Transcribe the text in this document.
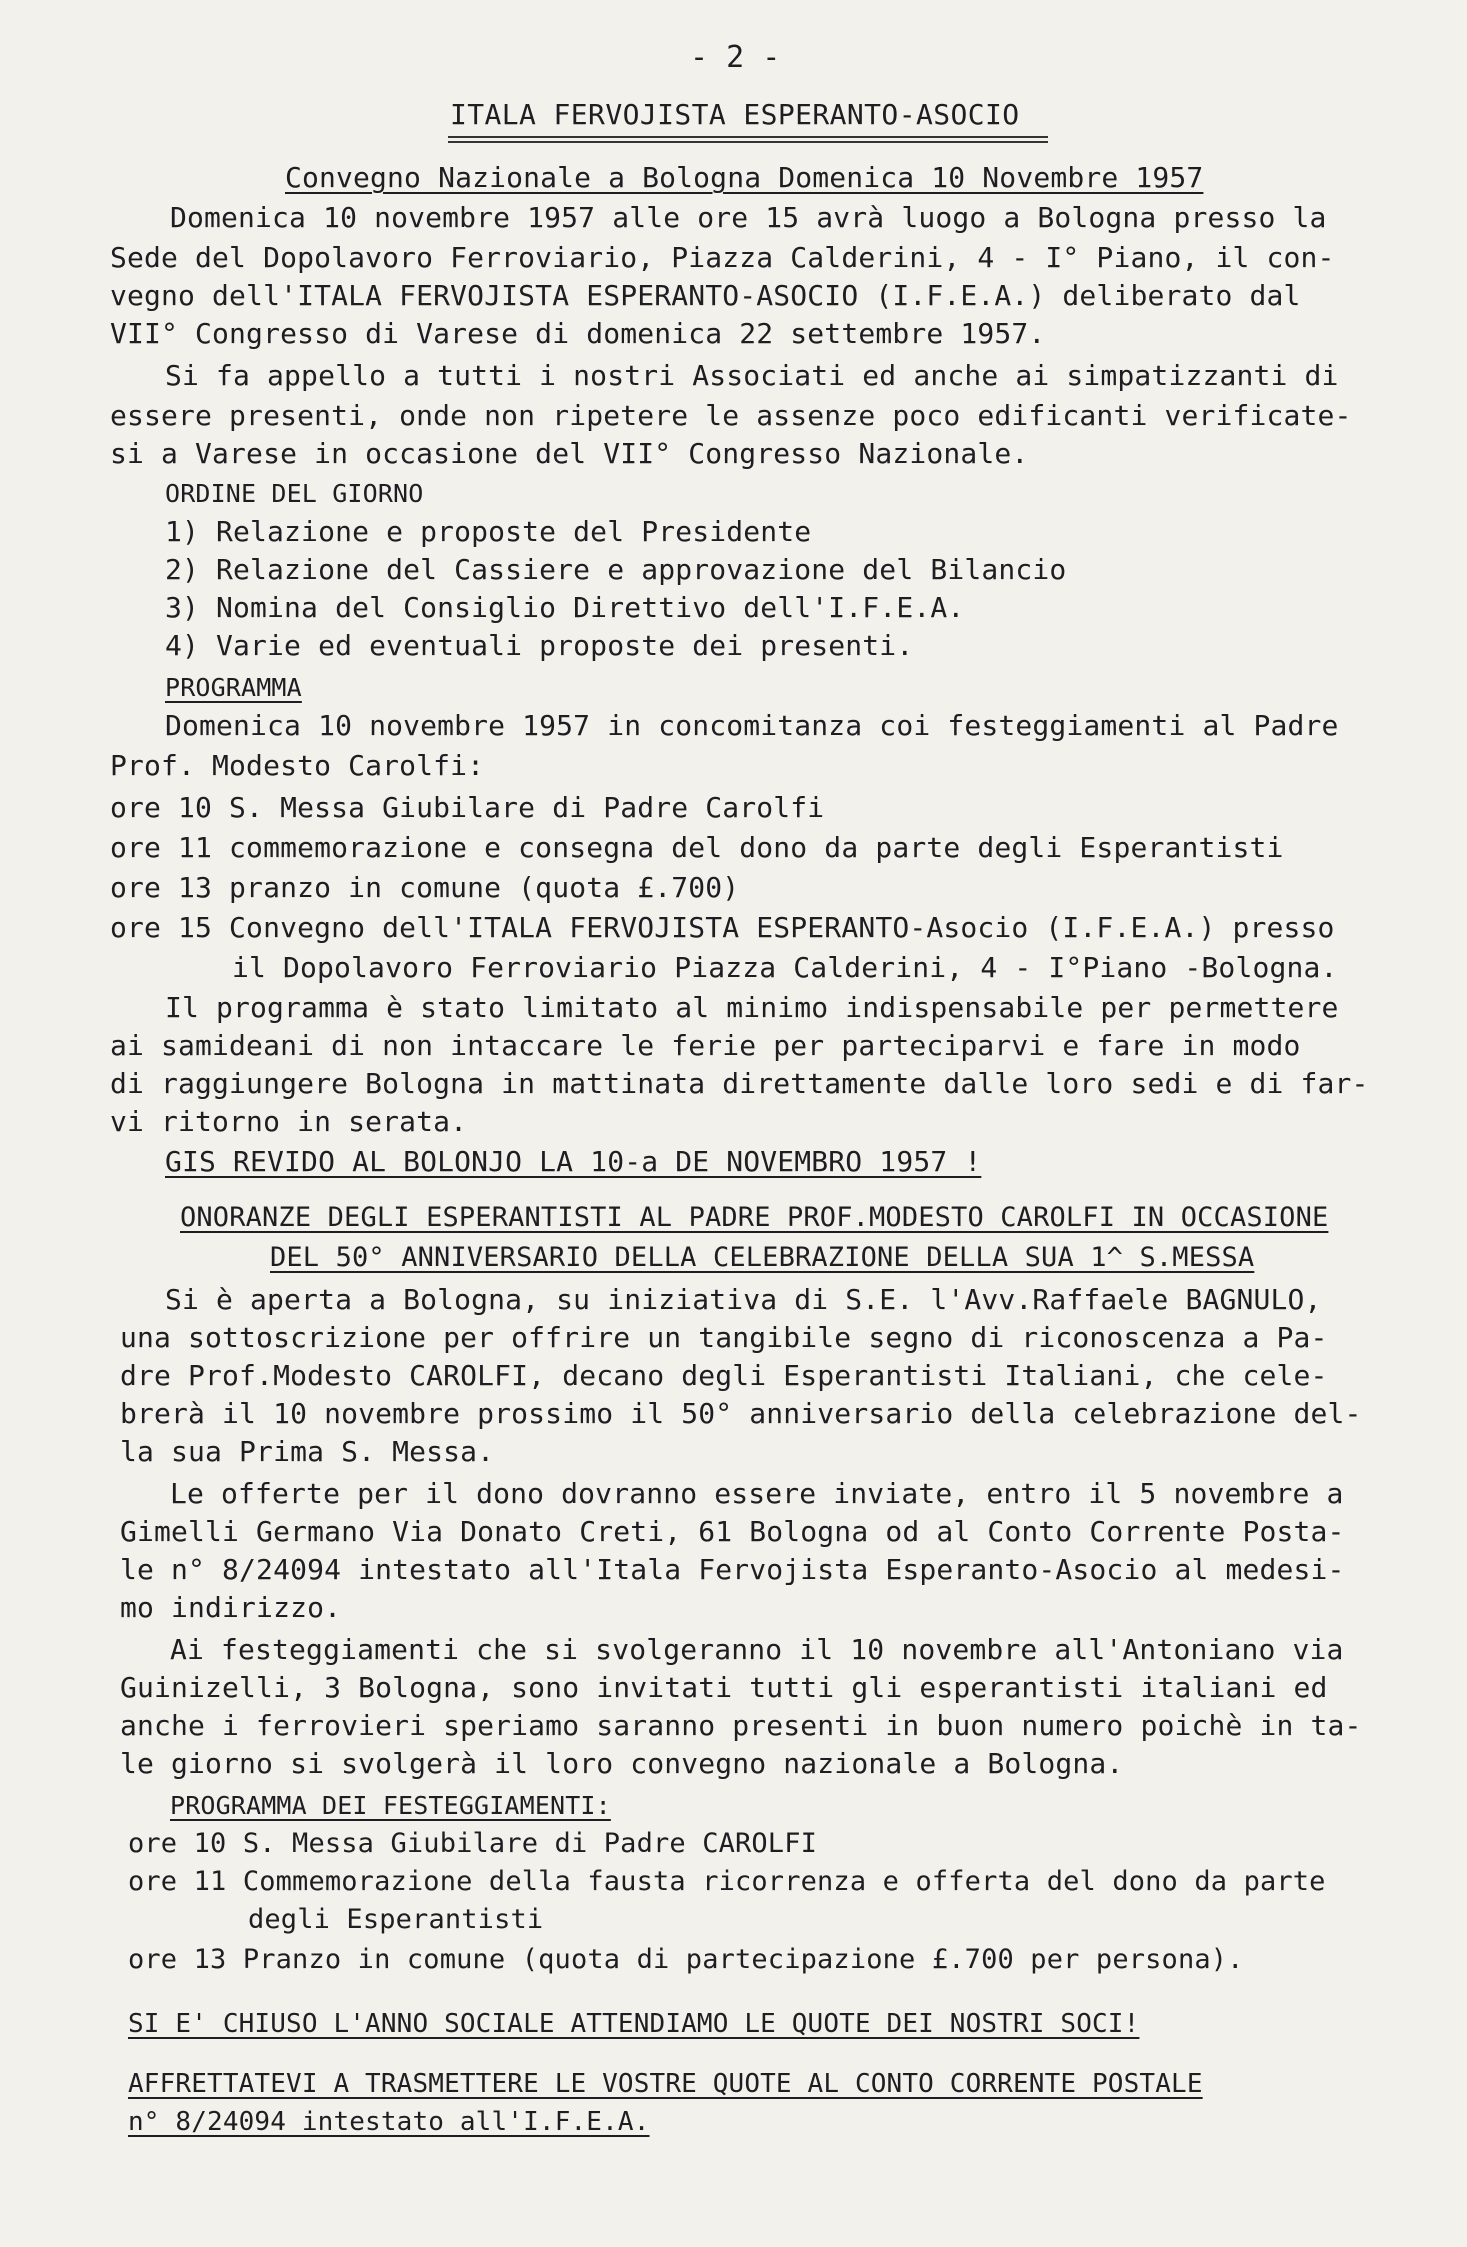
- 2 -
ITALA FERVOJISTA ESPERANTO-ASOCIO
Convegno Nazionale a Bologna Domenica 10 Novembre 1957
Domenica 10 novembre 1957 alle ore 15 avrà luogo a Bologna presso la
Sede del Dopolavoro Ferroviario, Piazza Calderini, 4 - I° Piano, il con-
vegno dell'ITALA FERVOJISTA ESPERANTO-ASOCIO (I.F.E.A.) deliberato dal
VII° Congresso di Varese di domenica 22 settembre 1957.
Si fa appello a tutti i nostri Associati ed anche ai simpatizzanti di
essere presenti, onde non ripetere le assenze poco edificanti verificate-
si a Varese in occasione del VII° Congresso Nazionale.
ORDINE DEL GIORNO
1) Relazione e proposte del Presidente
2) Relazione del Cassiere e approvazione del Bilancio
3) Nomina del Consiglio Direttivo dell'I.F.E.A.
4) Varie ed eventuali proposte dei presenti.
PROGRAMMA
Domenica 10 novembre 1957 in concomitanza coi festeggiamenti al Padre
Prof. Modesto Carolfi:
ore 10 S. Messa Giubilare di Padre Carolfi
ore 11 commemorazione e consegna del dono da parte degli Esperantisti
ore 13 pranzo in comune (quota £.700)
ore 15 Convegno dell'ITALA FERVOJISTA ESPERANTO-Asocio (I.F.E.A.) presso
il Dopolavoro Ferroviario Piazza Calderini, 4 - I°Piano -Bologna.
Il programma è stato limitato al minimo indispensabile per permettere
ai samideani di non intaccare le ferie per parteciparvi e fare in modo
di raggiungere Bologna in mattinata direttamente dalle loro sedi e di far-
vi ritorno in serata.
GIS REVIDO AL BOLONJO LA 10-a DE NOVEMBRO 1957 !
ONORANZE DEGLI ESPERANTISTI AL PADRE PROF.MODESTO CAROLFI IN OCCASIONE
DEL 50° ANNIVERSARIO DELLA CELEBRAZIONE DELLA SUA 1^ S.MESSA
Si è aperta a Bologna, su iniziativa di S.E. l'Avv.Raffaele BAGNULO,
una sottoscrizione per offrire un tangibile segno di riconoscenza a Pa-
dre Prof.Modesto CAROLFI, decano degli Esperantisti Italiani, che cele-
brerà il 10 novembre prossimo il 50° anniversario della celebrazione del-
la sua Prima S. Messa.
Le offerte per il dono dovranno essere inviate, entro il 5 novembre a
Gimelli Germano Via Donato Creti, 61 Bologna od al Conto Corrente Posta-
le n° 8/24094 intestato all'Itala Fervojista Esperanto-Asocio al medesi-
mo indirizzo.
Ai festeggiamenti che si svolgeranno il 10 novembre all'Antoniano via
Guinizelli, 3 Bologna, sono invitati tutti gli esperantisti italiani ed
anche i ferrovieri speriamo saranno presenti in buon numero poichè in ta-
le giorno si svolgerà il loro convegno nazionale a Bologna.
PROGRAMMA DEI FESTEGGIAMENTI:
ore 10 S. Messa Giubilare di Padre CAROLFI
ore 11 Commemorazione della fausta ricorrenza e offerta del dono da parte
degli Esperantisti
ore 13 Pranzo in comune (quota di partecipazione £.700 per persona).
SI E' CHIUSO L'ANNO SOCIALE ATTENDIAMO LE QUOTE DEI NOSTRI SOCI!
AFFRETTATEVI A TRASMETTERE LE VOSTRE QUOTE AL CONTO CORRENTE POSTALE
n° 8/24094 intestato all'I.F.E.A.
